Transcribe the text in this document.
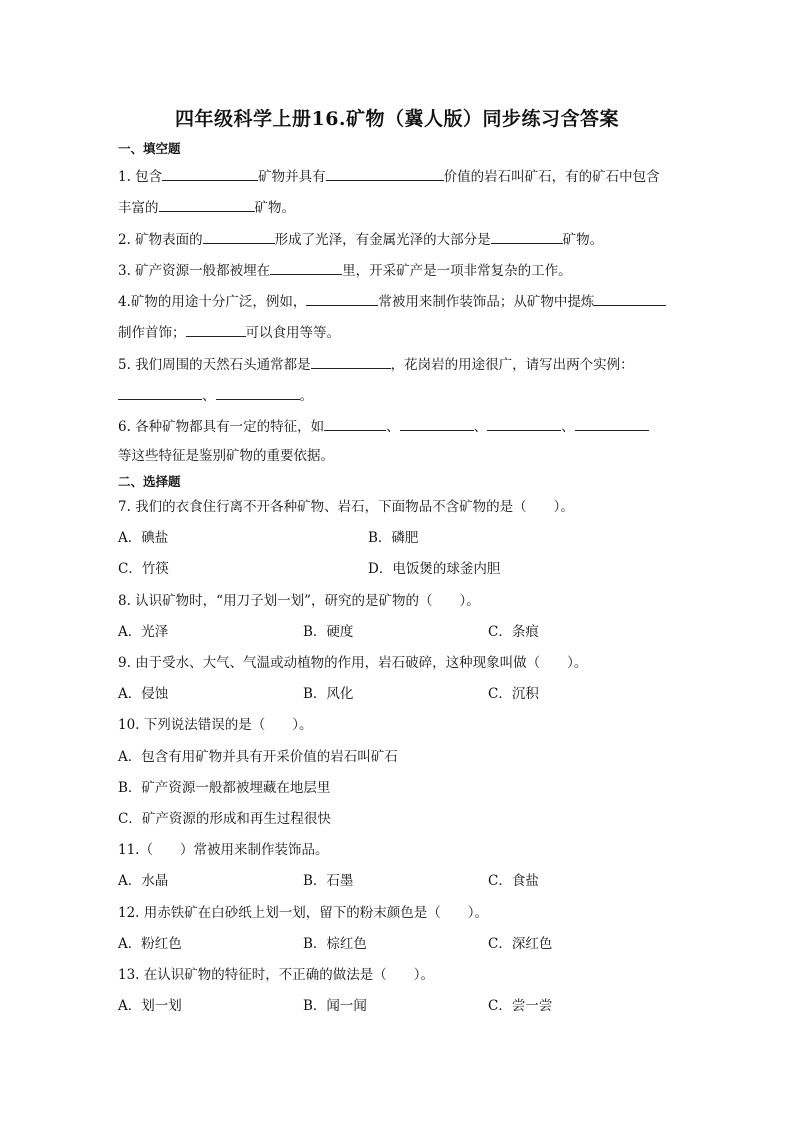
四年级科学上册16.矿物（冀人版）同步练习含答案
一、填空题
1. 包含	矿物并具有	价值的岩石叫矿石，有的矿石中包含
丰富的	矿物。
2. 矿物表面的	形成了光泽，有金属光泽的大部分是	矿物。
3. 矿产资源一般都被埋在	里，开采矿产是一项非常复杂的工作。
4.矿物的用途十分广泛，例如，	常被用来制作装饰品；从矿物中提炼
制作首饰；	可以食用等等。
5. 我们周围的天然石头通常都是	，花岗岩的用途很广，请写出两个实例：
、	。
6. 各种矿物都具有一定的特征，如	、	、	、
等这些特征是鉴别矿物的重要依据。
二、选择题
7. 我们的衣食住行离不开各种矿物、岩石，下面物品不含矿物的是（　　）。
A．碘盐	B．磷肥
C．竹筷	D．电饭煲的球釜内胆
8. 认识矿物时，“用刀子划一划”，研究的是矿物的（　　）。
A．光泽	B．硬度	C．条痕
9. 由于受水、大气、气温或动植物的作用，岩石破碎，这种现象叫做（　　）。
A．侵蚀	B．风化	C．沉积
10. 下列说法错误的是（　　）。
A．包含有用矿物并具有开采价值的岩石叫矿石
B．矿产资源一般都被埋藏在地层里
C．矿产资源的形成和再生过程很快
11.（　　）常被用来制作装饰品。
A．水晶	B．石墨	C．食盐
12. 用赤铁矿在白砂纸上划一划，留下的粉末颜色是（　　）。
A．粉红色	B．棕红色	C．深红色
13. 在认识矿物的特征时，不正确的做法是（　　）。
A．划一划	B．闻一闻	C．尝一尝
